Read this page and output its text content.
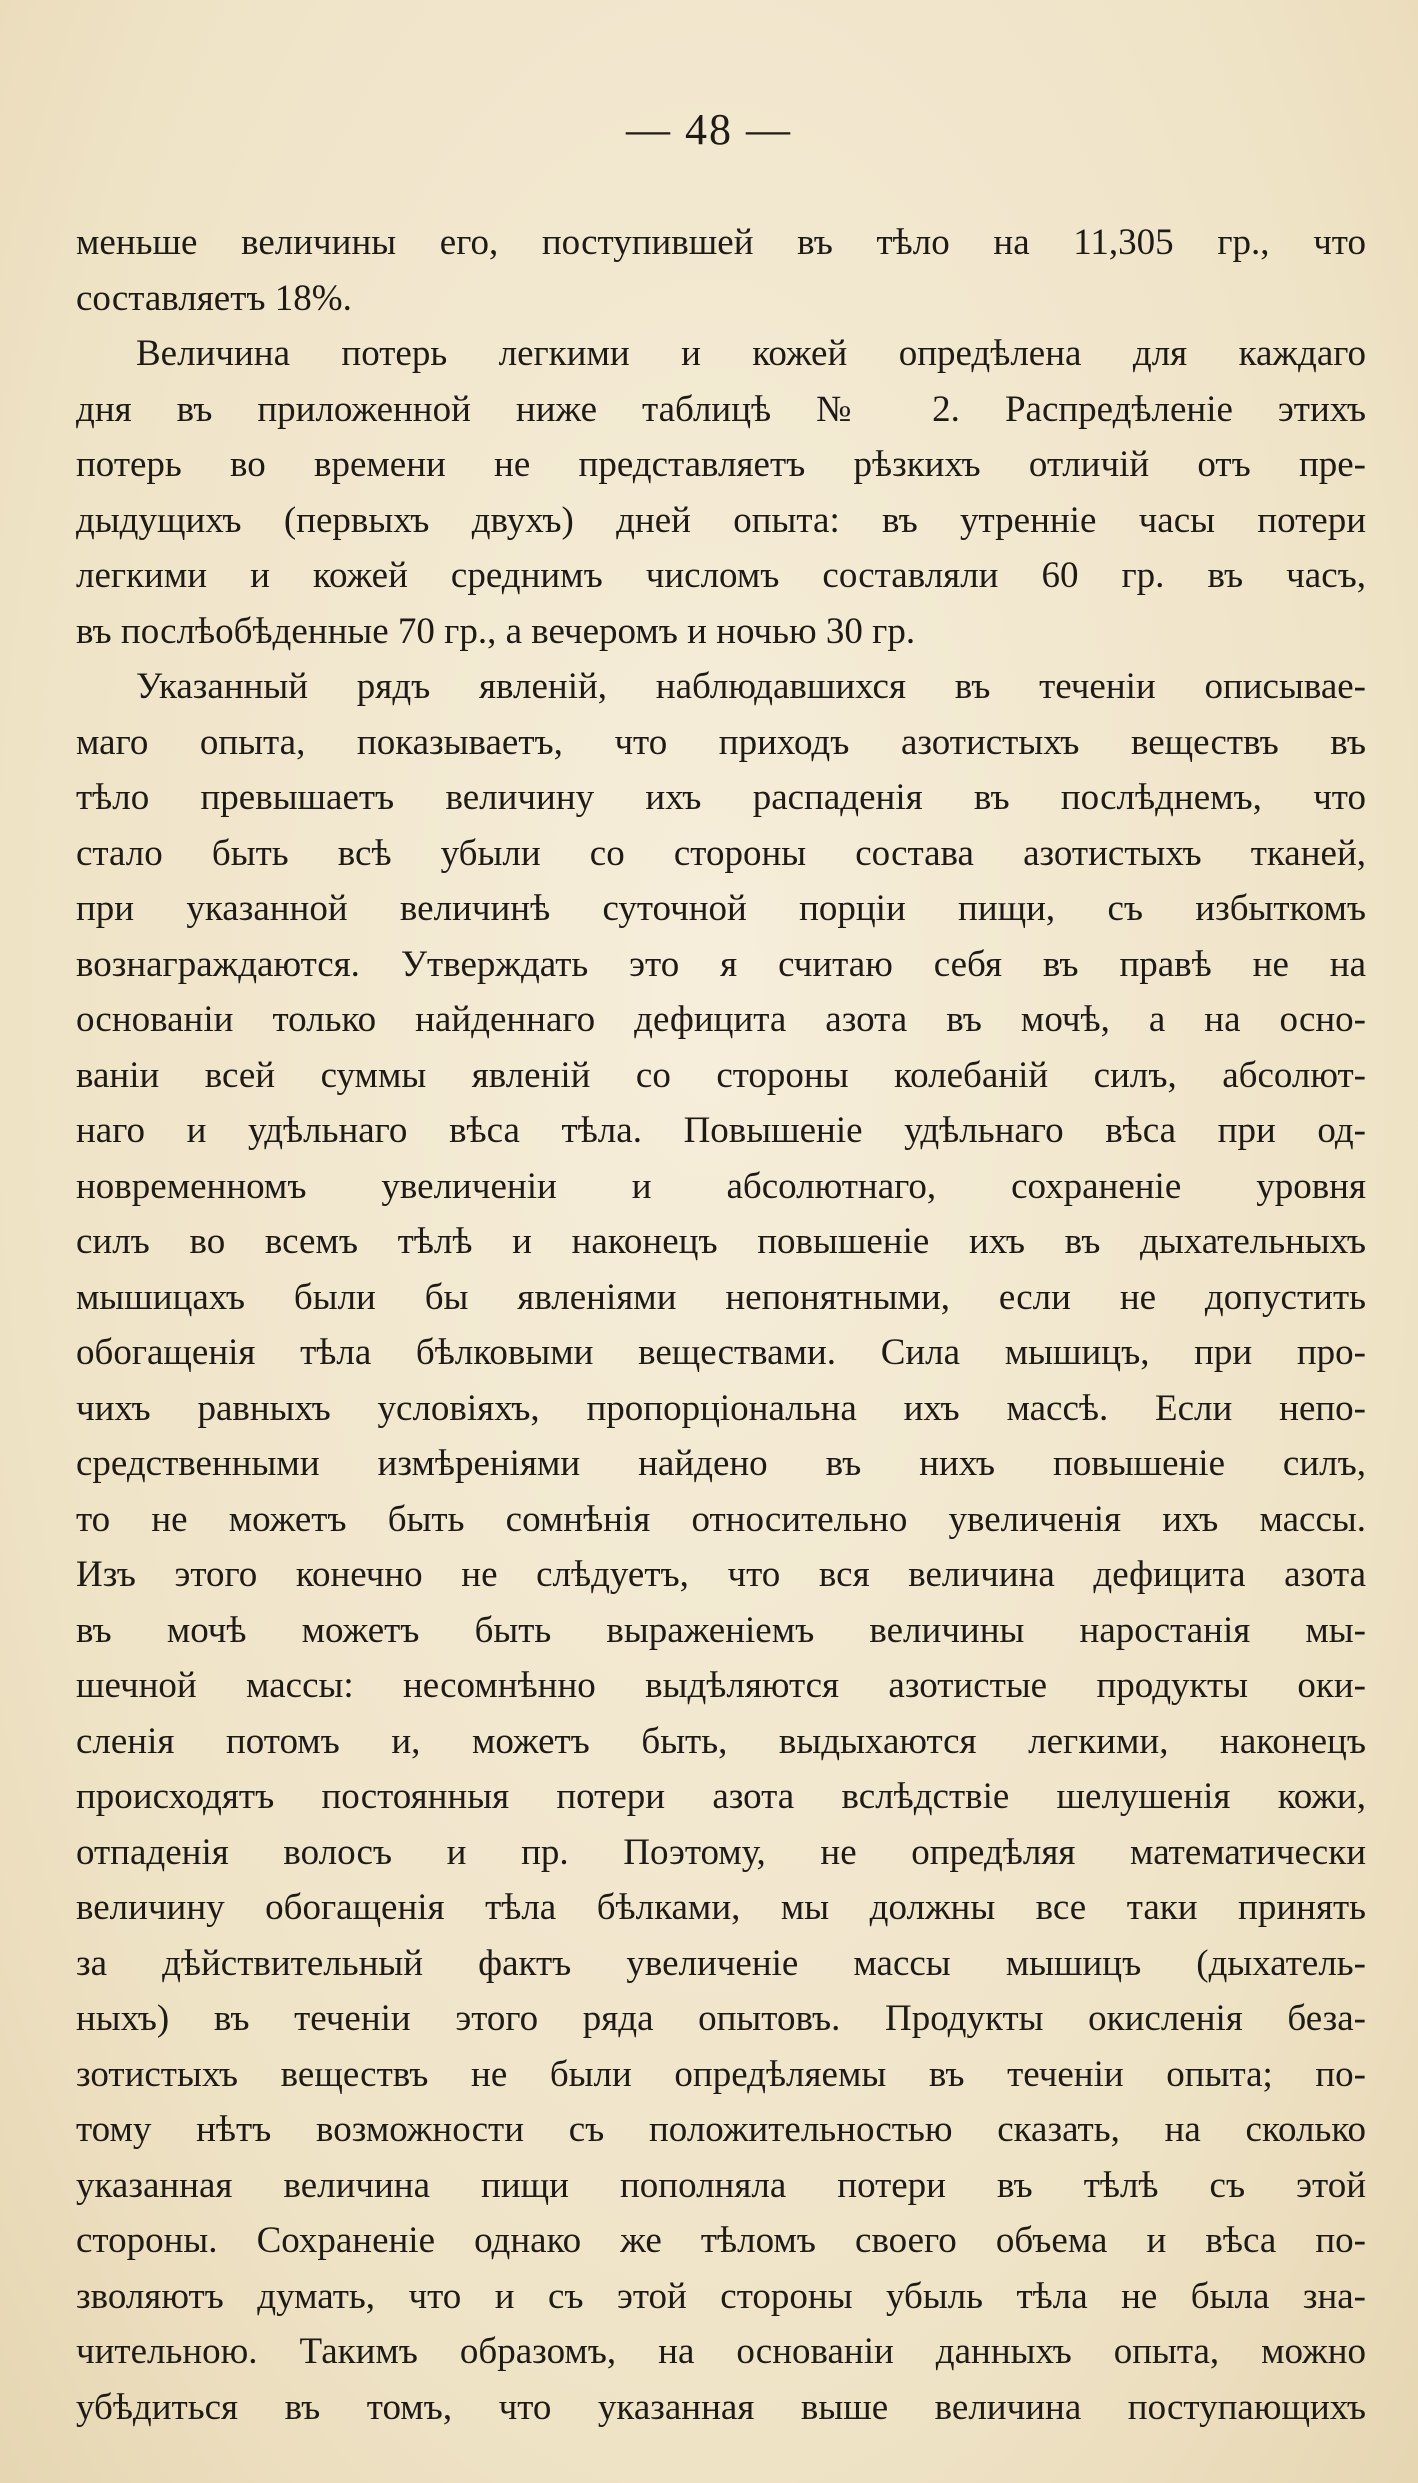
— 48 —
меньше величины его, поступившей въ тѣло на 11,305 гр., что
составляетъ 18%.
Величина потерь легкими и кожей опредѣлена для каждаго
дня въ приложенной ниже таблицѣ № 2. Распредѣленіе этихъ
потерь во времени не представляетъ рѣзкихъ отличій отъ пре-
дыдущихъ (первыхъ двухъ) дней опыта: въ утренніе часы потери
легкими и кожей среднимъ числомъ составляли 60 гр. въ часъ,
въ послѣобѣденные 70 гр., а вечеромъ и ночью 30 гр.
Указанный рядъ явленій, наблюдавшихся въ теченіи описывае-
маго опыта, показываетъ, что приходъ азотистыхъ веществъ въ
тѣло превышаетъ величину ихъ распаденія въ послѣднемъ, что
стало быть всѣ убыли со стороны состава азотистыхъ тканей,
при указанной величинѣ суточной порціи пищи, съ избыткомъ
вознаграждаются. Утверждать это я считаю себя въ правѣ не на
основаніи только найденнаго дефицита азота въ мочѣ, а на осно-
ваніи всей суммы явленій со стороны колебаній силъ, абсолют-
наго и удѣльнаго вѣса тѣла. Повышеніе удѣльнаго вѣса при од-
новременномъ увеличеніи и абсолютнаго, сохраненіе уровня
силъ во всемъ тѣлѣ и наконецъ повышеніе ихъ въ дыхательныхъ
мышицахъ были бы явленіями непонятными, если не допустить
обогащенія тѣла бѣлковыми веществами. Сила мышицъ, при про-
чихъ равныхъ условіяхъ, пропорціональна ихъ массѣ. Если непо-
средственными измѣреніями найдено въ нихъ повышеніе силъ,
то не можетъ быть сомнѣнія относительно увеличенія ихъ массы.
Изъ этого конечно не слѣдуетъ, что вся величина дефицита азота
въ мочѣ можетъ быть выраженіемъ величины наростанія мы-
шечной массы: несомнѣнно выдѣляются азотистые продукты оки-
сленія потомъ и, можетъ быть, выдыхаются легкими, наконецъ
происходятъ постоянныя потери азота вслѣдствіе шелушенія кожи,
отпаденія волосъ и пр. Поэтому, не опредѣляя математически
величину обогащенія тѣла бѣлками, мы должны все таки принять
за дѣйствительный фактъ увеличеніе массы мышицъ (дыхатель-
ныхъ) въ теченіи этого ряда опытовъ. Продукты окисленія беза-
зотистыхъ веществъ не были опредѣляемы въ теченіи опыта; по-
тому нѣтъ возможности съ положительностью сказать, на сколько
указанная величина пищи пополняла потери въ тѣлѣ съ этой
стороны. Сохраненіе однако же тѣломъ своего объема и вѣса по-
зволяютъ думать, что и съ этой стороны убыль тѣла не была зна-
чительною. Такимъ образомъ, на основаніи данныхъ опыта, можно
убѣдиться въ томъ, что указанная выше величина поступающихъ
